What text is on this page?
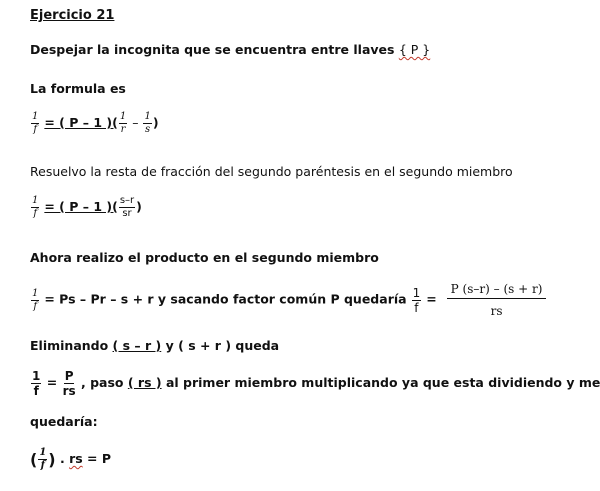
Ejercicio 21
Despejar la incognita que se encuentra entre llaves { P }
La formula es
$\frac{1}{f}$ = ( P – 1 )( $\frac{1}{r} - \frac{1}{s}$ )
Resuelvo la resta de fracción del segundo paréntesis en el segundo miembro
$\frac{1}{f}$ = ( P – 1 )( $\frac{s-r}{sr}$ )
Ahora realizo el producto en el segundo miembro
$\frac{1}{f} = Ps - Pr - s + r$ y sacando factor común P quedaría $\frac{1}{f} = \frac{P (s-r) - (s + r)}{rs}$
Eliminando ( s – r ) y ( s + r ) queda
$\frac{1}{f} = \frac{P}{rs}$ , paso ( rs ) al primer miembro multiplicando ya que esta dividiendo y me
quedaría:
( $\frac{1}{f}$ ) . rs = P
